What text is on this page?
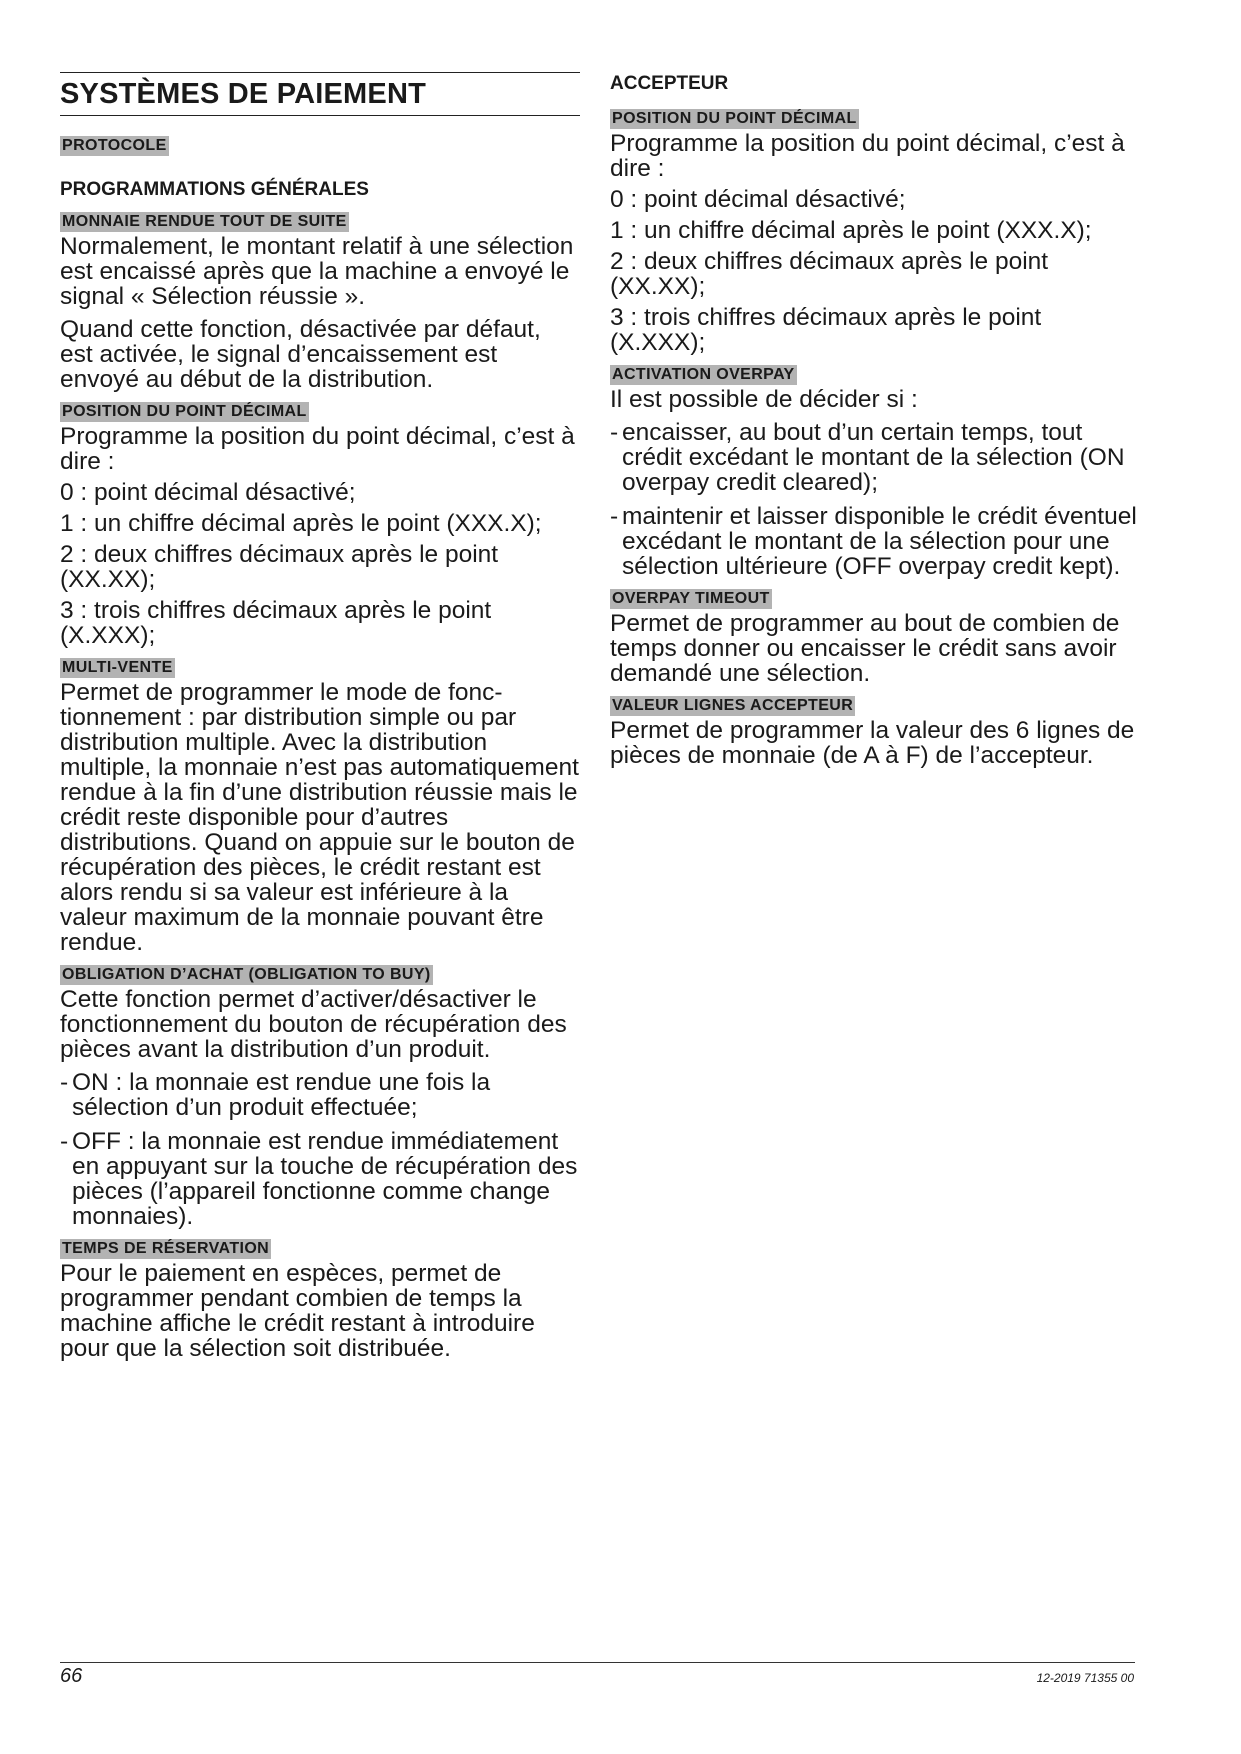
SYSTÈMES DE PAIEMENT
PROTOCOLE
PROGRAMMATIONS GÉNÉRALES
MONNAIE RENDUE TOUT DE SUITE
Normalement, le montant relatif à une sélection est encaissé après que la machine a envoyé le signal « Sélection réussie ».
Quand cette fonction, désactivée par défaut, est activée, le signal d’encaissement est envoyé au début de la distribution.
POSITION DU POINT DÉCIMAL
Programme la position du point décimal, c’est à dire :
0 : point décimal désactivé;
1 : un chiffre décimal après le point (XXX.X);
2 : deux chiffres décimaux après le point (XX.XX);
3 : trois chiffres décimaux après le point (X.XXX);
MULTI-VENTE
Permet de programmer le mode de fonctionnement : par distribution simple ou par distribution multiple. Avec la distribution multiple, la monnaie n’est pas automatiquement rendue à la fin d’une distribution réussie mais le crédit reste disponible pour d’autres distributions. Quand on appuie sur le bouton de récupération des pièces, le crédit restant est alors rendu si sa valeur est inférieure à la valeur maximum de la monnaie pouvant être rendue.
OBLIGATION D’ACHAT (OBLIGATION TO BUY)
Cette fonction permet d’activer/désactiver le fonctionnement du bouton de récupération des pièces avant la distribution d’un produit.
- ON : la monnaie est rendue une fois la sélection d’un produit effectuée;
- OFF : la monnaie est rendue immédiatement en appuyant sur la touche de récupération des pièces (l’appareil fonctionne comme change monnaies).
TEMPS DE RÉSERVATION
Pour le paiement en espèces, permet de programmer pendant combien de temps la machine affiche le crédit restant à introduire pour que la sélection soit distribuée.
ACCEPTEUR
POSITION DU POINT DÉCIMAL
Programme la position du point décimal, c’est à dire :
0 : point décimal désactivé;
1 : un chiffre décimal après le point (XXX.X);
2 : deux chiffres décimaux après le point (XX.XX);
3 : trois chiffres décimaux après le point (X.XXX);
ACTIVATION OVERPAY
Il est possible de décider si :
- encaisser, au bout d’un certain temps, tout crédit excédant le montant de la sélection (ON overpay credit cleared);
- maintenir et laisser disponible le crédit éventuel excédant le montant de la sélection pour une sélection ultérieure (OFF overpay credit kept).
OVERPAY TIMEOUT
Permet de programmer au bout de combien de temps donner ou encaisser le crédit sans avoir demandé une sélection.
VALEUR LIGNES ACCEPTEUR
Permet de programmer la valeur des 6 lignes de pièces de monnaie (de A à F) de l’accepteur.
66	12-2019 71355 00
